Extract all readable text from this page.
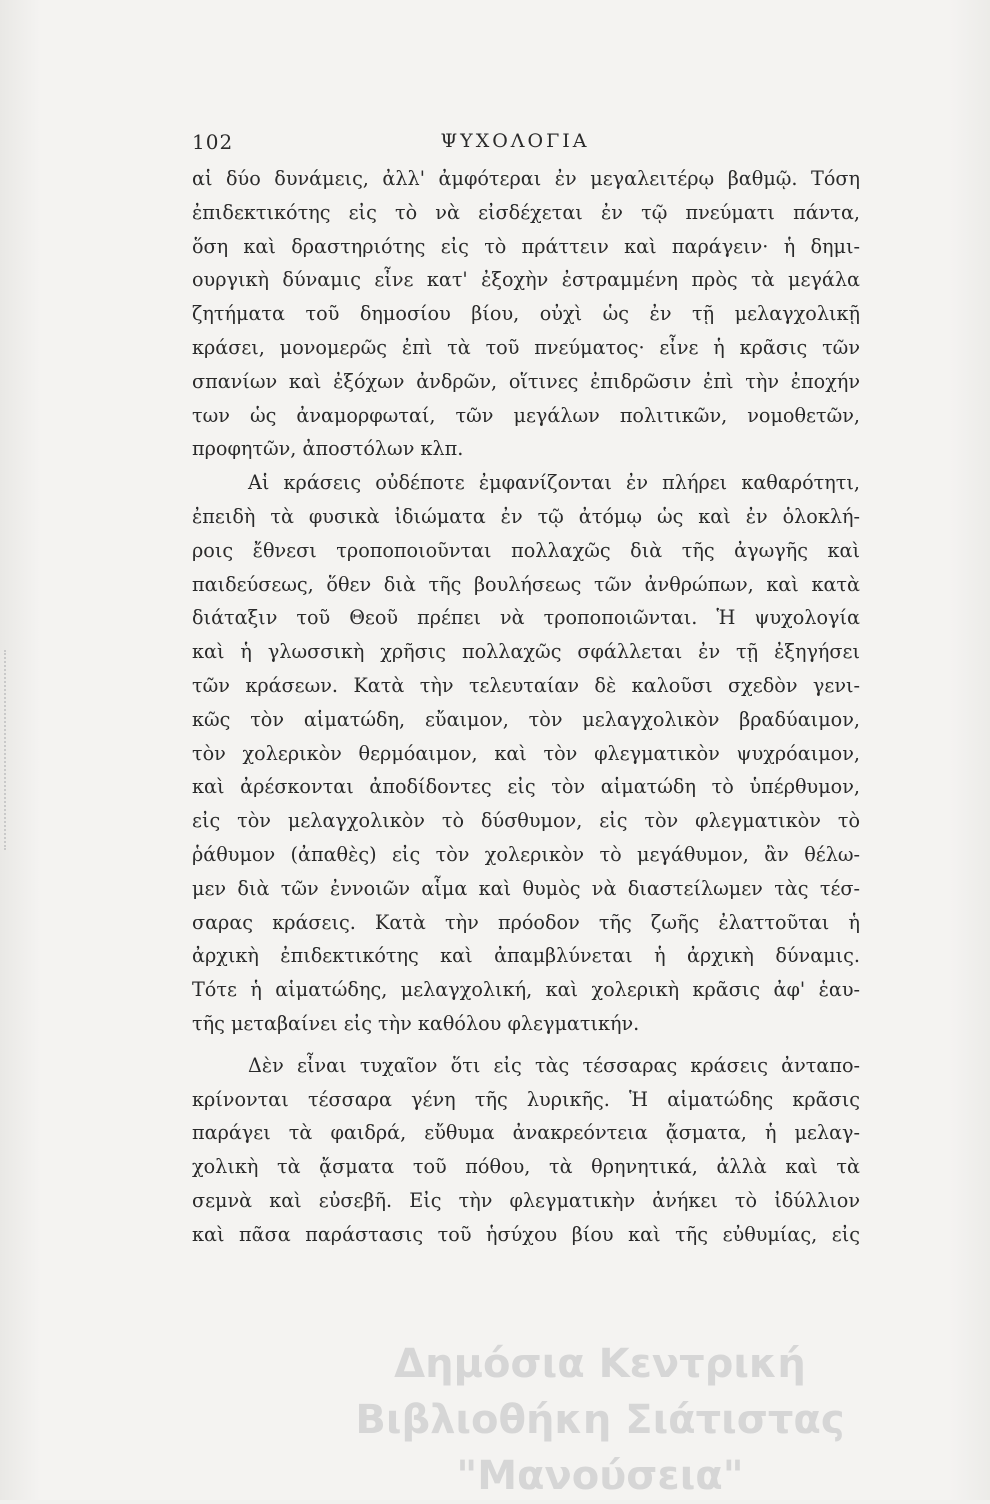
102	ΨΥΧΟΛΟΓΙΑ
αἱ δύο δυνάμεις, ἀλλ' ἀμφότεραι ἐν μεγαλειτέρῳ βαθμῷ. Τόση
ἐπιδεκτικότης εἰς τὸ νὰ εἰσδέχεται ἐν τῷ πνεύματι πάντα,
ὅση καὶ δραστηριότης εἰς τὸ πράττειν καὶ παράγειν· ἡ δημι-
ουργικὴ δύναμις εἶνε κατ' ἐξοχὴν ἐστραμμένη πρὸς τὰ μεγάλα
ζητήματα τοῦ δημοσίου βίου, οὐχὶ ὡς ἐν τῇ μελαγχολικῇ
κράσει, μονομερῶς ἐπὶ τὰ τοῦ πνεύματος· εἶνε ἡ κρᾶσις τῶν
σπανίων καὶ ἐξόχων ἀνδρῶν, οἵτινες ἐπιδρῶσιν ἐπὶ τὴν ἐποχήν
των ὡς ἀναμορφωταί, τῶν μεγάλων πολιτικῶν, νομοθετῶν,
προφητῶν, ἀποστόλων κλπ.
Αἱ κράσεις οὐδέποτε ἐμφανίζονται ἐν πλήρει καθαρότητι,
ἐπειδὴ τὰ φυσικὰ ἰδιώματα ἐν τῷ ἀτόμῳ ὡς καὶ ἐν ὁλοκλή-
ροις ἔθνεσι τροποποιοῦνται πολλαχῶς διὰ τῆς ἀγωγῆς καὶ
παιδεύσεως, ὅθεν διὰ τῆς βουλήσεως τῶν ἀνθρώπων, καὶ κατὰ
διάταξιν τοῦ Θεοῦ πρέπει νὰ τροποποιῶνται. Ἡ ψυχολογία
καὶ ἡ γλωσσικὴ χρῆσις πολλαχῶς σφάλλεται ἐν τῇ ἐξηγήσει
τῶν κράσεων. Κατὰ τὴν τελευταίαν δὲ καλοῦσι σχεδὸν γενι-
κῶς τὸν αἱματώδη, εὔαιμον, τὸν μελαγχολικὸν βραδύαιμον,
τὸν χολερικὸν θερμόαιμον, καὶ τὸν φλεγματικὸν ψυχρόαιμον,
καὶ ἀρέσκονται ἀποδίδοντες εἰς τὸν αἱματώδη τὸ ὑπέρθυμον,
εἰς τὸν μελαγχολικὸν τὸ δύσθυμον, εἰς τὸν φλεγματικὸν τὸ
ῥάθυμον (ἀπαθὲς) εἰς τὸν χολερικὸν τὸ μεγάθυμον, ἂν θέλω-
μεν διὰ τῶν ἐννοιῶν αἷμα καὶ θυμὸς νὰ διαστείλωμεν τὰς τέσ-
σαρας κράσεις. Κατὰ τὴν πρόοδον τῆς ζωῆς ἐλαττοῦται ἡ
ἀρχικὴ ἐπιδεκτικότης καὶ ἀπαμβλύνεται ἡ ἀρχικὴ δύναμις.
Τότε ἡ αἱματώδης, μελαγχολική, καὶ χολερικὴ κρᾶσις ἀφ' ἑαυ-
τῆς μεταβαίνει εἰς τὴν καθόλου φλεγματικήν.
Δὲν εἶναι τυχαῖον ὅτι εἰς τὰς τέσσαρας κράσεις ἀνταπο-
κρίνονται τέσσαρα γένη τῆς λυρικῆς. Ἡ αἱματώδης κρᾶσις
παράγει τὰ φαιδρά, εὔθυμα ἀνακρεόντεια ᾄσματα, ἡ μελαγ-
χολικὴ τὰ ᾄσματα τοῦ πόθου, τὰ θρηνητικά, ἀλλὰ καὶ τὰ
σεμνὰ καὶ εὐσεβῆ. Εἰς τὴν φλεγματικὴν ἀνήκει τὸ ἰδύλλιον
καὶ πᾶσα παράστασις τοῦ ἡσύχου βίου καὶ τῆς εὐθυμίας, εἰς
Δημόσια Κεντρική
Βιβλιοθήκη Σιάτιστας "Μανούσεια"
